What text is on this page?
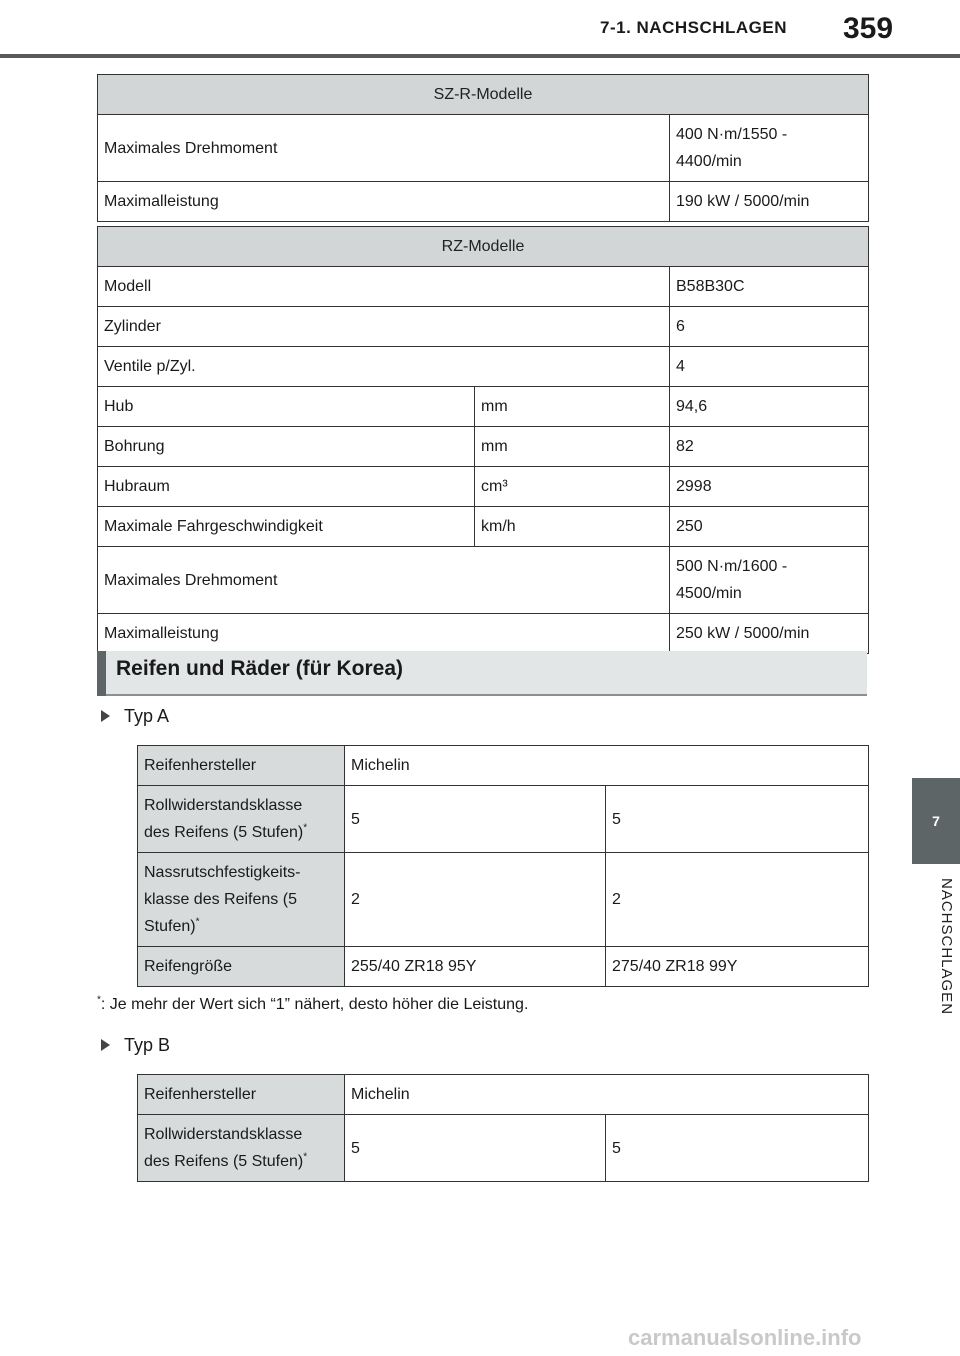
7-1. NACHSCHLAGEN 359
7
NACHSCHLAGEN
SZ-R-Modelle	
Maximales Drehmoment	400 N·m/1550 -
4400/min

Maximalleistung	190 kW / 5000/min
RZ-Modelle		
Modell		B58B30C
Zylinder		6
Ventile p/Zyl.		4
Hub	mm	94,6
Bohrung	mm	82
Hubraum	cm³	2998
Maximale Fahrgeschwindigkeit	km/h	250
Maximales Drehmoment		500 N·m/1600 -
4500/min

Maximalleistung		250 kW / 5000/min
Reifen und Räder (für Korea)
Typ A
Reifenhersteller	Michelin	

Rollwiderstandsklasse
des Reifens (5 Stufen)*	5	5

Nassrutschfestigkeits-
klasse des Reifens (5
Stufen)*	2	2
Reifengröße	255/40 ZR18 95Y	275/40 ZR18 99Y
*: Je mehr der Wert sich “1” nähert, desto höher die Leistung.
Typ B
Reifenhersteller	Michelin	

Rollwiderstandsklasse
des Reifens (5 Stufen)*	5	5
carmanualsonline.info
